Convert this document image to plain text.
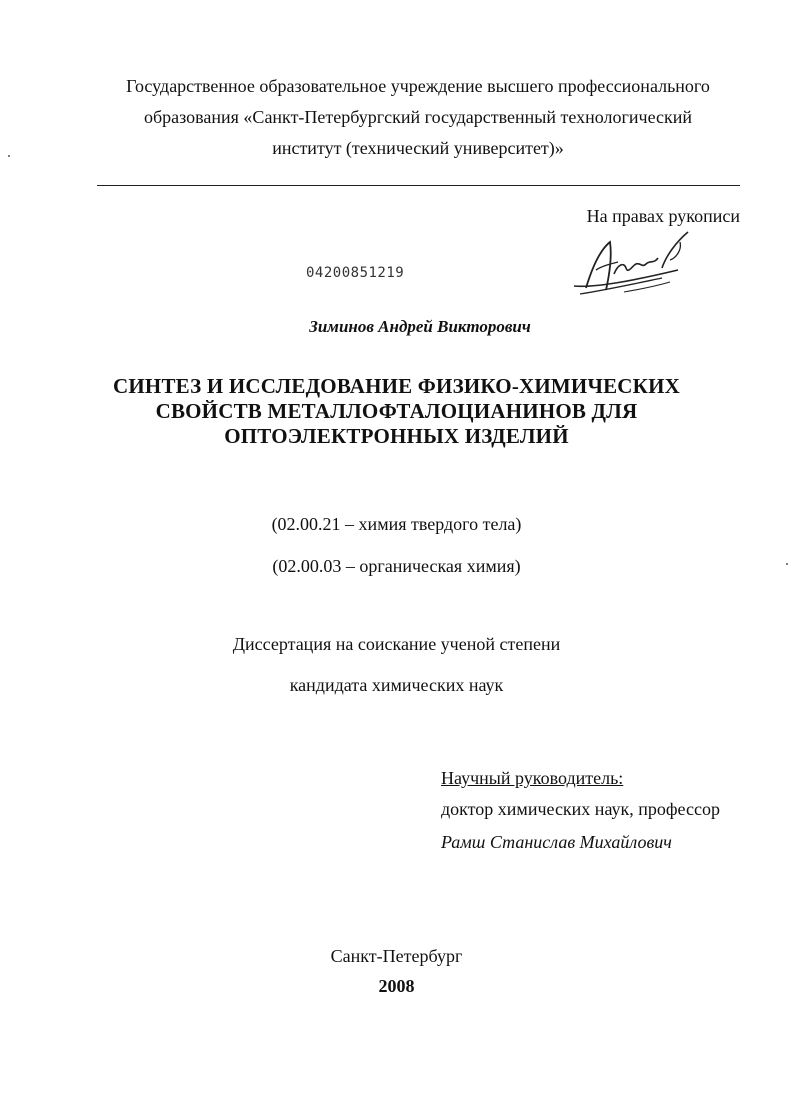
Государственное образовательное учреждение высшего профессионального
образования «Санкт-Петербургский государственный технологический
институт (технический университет)»
На правах рукописи
04200851219
Зиминов Андрей Викторович
СИНТЕЗ И ИССЛЕДОВАНИЕ ФИЗИКО-ХИМИЧЕСКИХ
СВОЙСТВ МЕТАЛЛОФТАЛОЦИАНИНОВ ДЛЯ
ОПТОЭЛЕКТРОННЫХ ИЗДЕЛИЙ
(02.00.21 – химия твердого тела)
(02.00.03 – органическая химия)
Диссертация на соискание ученой степени
кандидата химических наук
Научный руководитель:
доктор химических наук, профессор
Рамш Станислав Михайлович
Санкт-Петербург
2008
